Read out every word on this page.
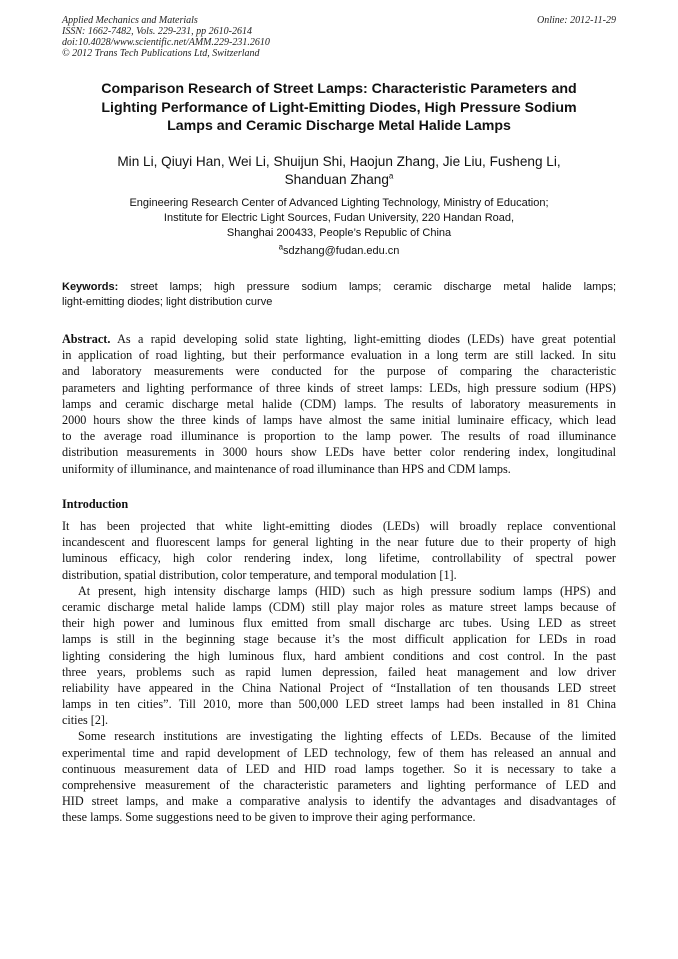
Applied Mechanics and Materials
ISSN: 1662-7482, Vols. 229-231, pp 2610-2614
doi:10.4028/www.scientific.net/AMM.229-231.2610
© 2012 Trans Tech Publications Ltd, Switzerland
Online: 2012-11-29
Comparison Research of Street Lamps: Characteristic Parameters and
Lighting Performance of Light-Emitting Diodes, High Pressure Sodium
Lamps and Ceramic Discharge Metal Halide Lamps
Min Li, Qiuyi Han, Wei Li, Shuijun Shi, Haojun Zhang, Jie Liu, Fusheng Li,
Shanduan Zhang$^a$
Engineering Research Center of Advanced Lighting Technology, Ministry of Education;
Institute for Electric Light Sources, Fudan University, 220 Handan Road,
Shanghai 200433, People’s Republic of China
$^a$sdzhang@fudan.edu.cn
Keywords: street lamps; high pressure sodium lamps; ceramic discharge metal halide lamps;
light-emitting diodes; light distribution curve
Abstract. As a rapid developing solid state lighting, light-emitting diodes (LEDs) have great potential
in application of road lighting, but their performance evaluation in a long term are still lacked. In situ
and laboratory measurements were conducted for the purpose of comparing the characteristic
parameters and lighting performance of three kinds of street lamps: LEDs, high pressure sodium (HPS)
lamps and ceramic discharge metal halide (CDM) lamps. The results of laboratory measurements in
2000 hours show the three kinds of lamps have almost the same initial luminaire efficacy, which lead
to the average road illuminance is proportion to the lamp power. The results of road illuminance
distribution measurements in 3000 hours show LEDs have better color rendering index, longitudinal
uniformity of illuminance, and maintenance of road illuminance than HPS and CDM lamps.
Introduction
It has been projected that white light-emitting diodes (LEDs) will broadly replace conventional
incandescent and fluorescent lamps for general lighting in the near future due to their property of high
luminous efficacy, high color rendering index, long lifetime, controllability of spectral power
distribution, spatial distribution, color temperature, and temporal modulation [1].
At present, high intensity discharge lamps (HID) such as high pressure sodium lamps (HPS) and
ceramic discharge metal halide lamps (CDM) still play major roles as mature street lamps because of
their high power and luminous flux emitted from small discharge arc tubes. Using LED as street
lamps is still in the beginning stage because it’s the most difficult application for LEDs in road
lighting considering the high luminous flux, hard ambient conditions and cost control. In the past
three years, problems such as rapid lumen depression, failed heat management and low driver
reliability have appeared in the China National Project of “Installation of ten thousands LED street
lamps in ten cities”. Till 2010, more than 500,000 LED street lamps had been installed in 81 China
cities [2].
Some research institutions are investigating the lighting effects of LEDs. Because of the limited
experimental time and rapid development of LED technology, few of them has released an annual and
continuous measurement data of LED and HID road lamps together. So it is necessary to take a
comprehensive measurement of the characteristic parameters and lighting performance of LED and
HID street lamps, and make a comparative analysis to identify the advantages and disadvantages of
these lamps. Some suggestions need to be given to improve their aging performance.
